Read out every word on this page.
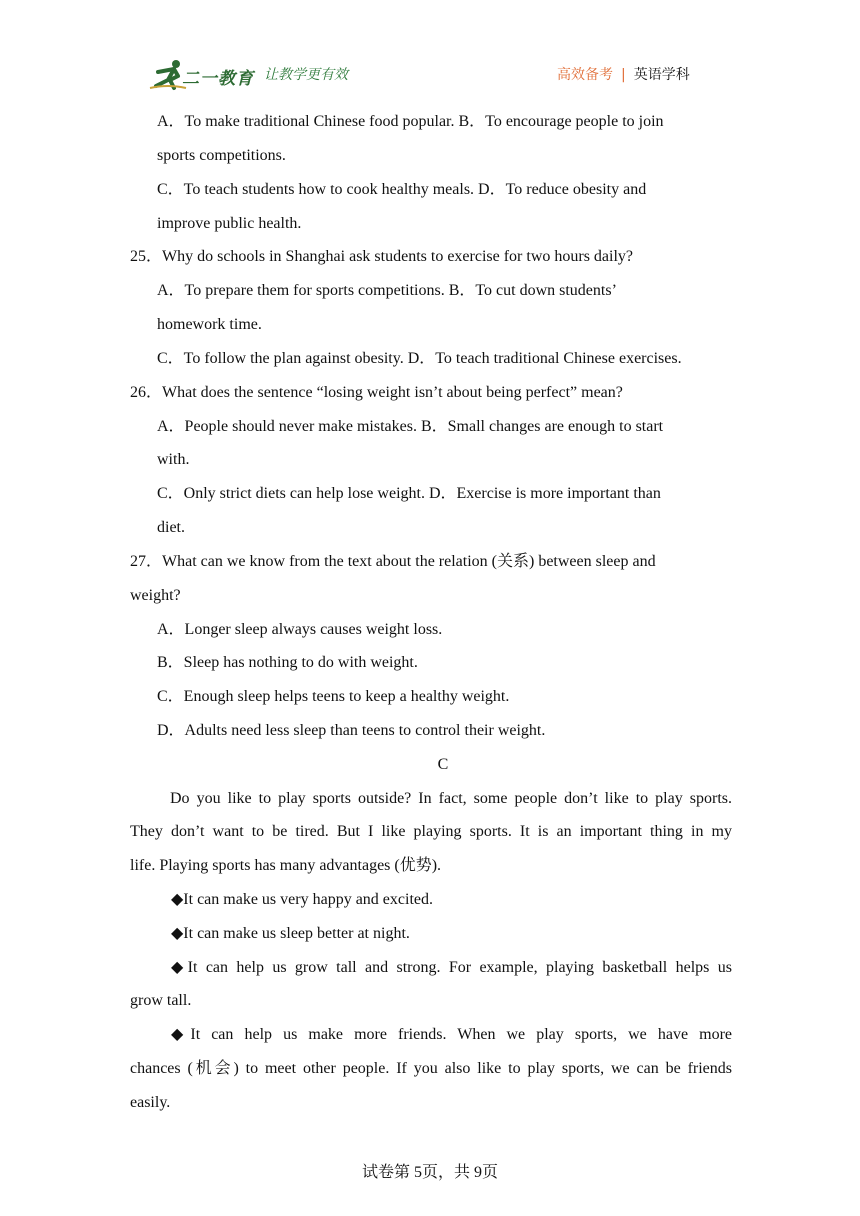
二一教育 让教学更有效	高效备考 | 英语学科
A．To make traditional Chinese food popular. B．To encourage people to join
sports competitions.
C．To teach students how to cook healthy meals. D．To reduce obesity and
improve public health.
25．Why do schools in Shanghai ask students to exercise for two hours daily?
A．To prepare them for sports competitions. B．To cut down students’
homework time.
C．To follow the plan against obesity. D．To teach traditional Chinese exercises.
26．What does the sentence “losing weight isn’t about being perfect” mean?
A．People should never make mistakes. B．Small changes are enough to start
with.
C．Only strict diets can help lose weight. D．Exercise is more important than
diet.
27．What can we know from the text about the relation (关系) between sleep and
weight?
A．Longer sleep always causes weight loss.
B．Sleep has nothing to do with weight.
C．Enough sleep helps teens to keep a healthy weight.
D．Adults need less sleep than teens to control their weight.
C
Do you like to play sports outside? In fact, some people don’t like to play sports.
They don’t want to be tired. But I like playing sports. It is an important thing in my
life. Playing sports has many advantages (优势).
◆It can make us very happy and excited.
◆It can make us sleep better at night.
◆It can help us grow tall and strong. For example, playing basketball helps us
grow tall.
◆It can help us make more friends. When we play sports, we have more
chances (机会) to meet other people. If you also like to play sports, we can be friends
easily.
试卷第 5页，共 9页
